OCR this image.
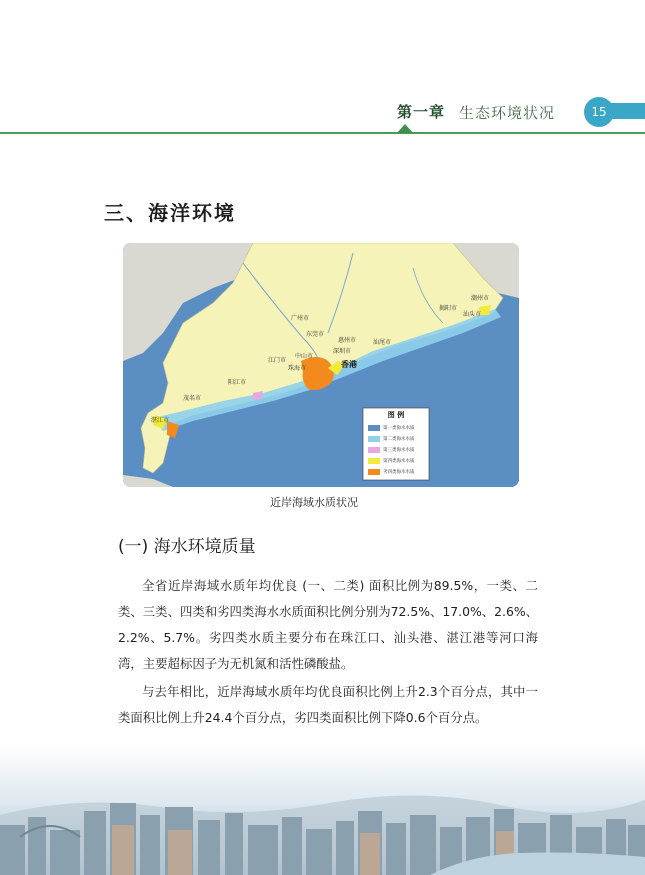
第一章 生态环境状况	15
三、海洋环境
广州市
东莞市
惠州市
深圳市
汕尾市
江门市
中山市
珠海市
阳江市
茂名市
湛江市
揭阳市
潮州市
汕头市
香港
图 例
第一类海水水质
第二类海水水质
第三类海水水质
第四类海水水质
劣四类海水水质
近岸海域水质状况
(一) 海水环境质量
全省近岸海域水质年均优良 (一、二类) 面积比例为89.5%，一类、二类、三类、四类和劣四类海水水质面积比例分别为72.5%、17.0%、2.6%、2.2%、5.7%。劣四类水质主要分布在珠江口、汕头港、湛江港等河口海湾，主要超标因子为无机氮和活性磷酸盐。
与去年相比，近岸海域水质年均优良面积比例上升2.3个百分点，其中一类面积比例上升24.4个百分点，劣四类面积比例下降0.6个百分点。
